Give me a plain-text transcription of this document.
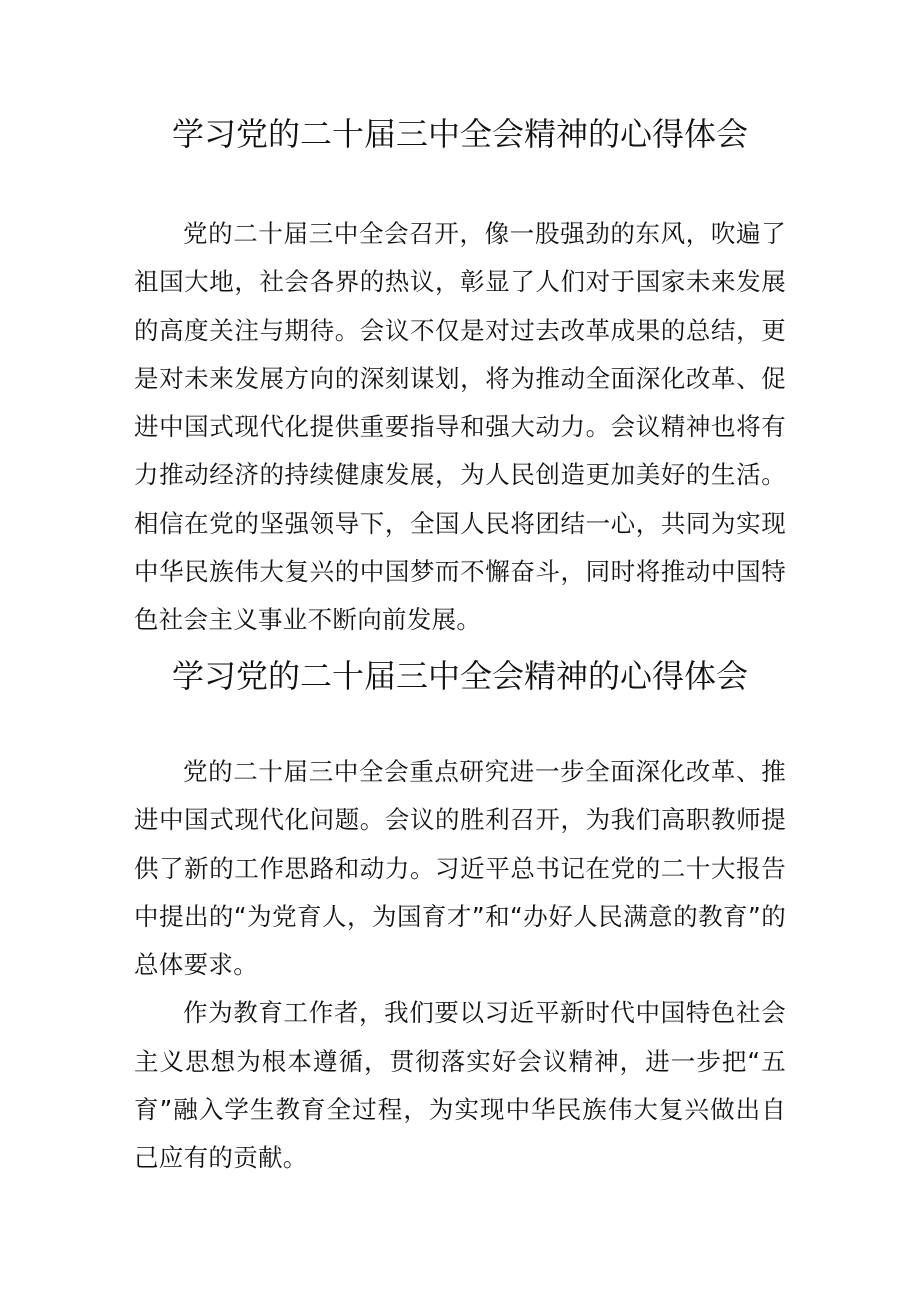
学习党的二十届三中全会精神的心得体会

党的二十届三中全会召开，像一股强劲的东风，吹遍了祖国大地，社会各界的热议，彰显了人们对于国家未来发展的高度关注与期待。会议不仅是对过去改革成果的总结，更是对未来发展方向的深刻谋划，将为推动全面深化改革、促进中国式现代化提供重要指导和强大动力。会议精神也将有力推动经济的持续健康发展，为人民创造更加美好的生活。相信在党的坚强领导下，全国人民将团结一心，共同为实现中华民族伟大复兴的中国梦而不懈奋斗，同时将推动中国特色社会主义事业不断向前发展。

学习党的二十届三中全会精神的心得体会

党的二十届三中全会重点研究进一步全面深化改革、推进中国式现代化问题。会议的胜利召开，为我们高职教师提供了新的工作思路和动力。习近平总书记在党的二十大报告中提出的“为党育人，为国育才”和“办好人民满意的教育”的总体要求。

作为教育工作者，我们要以习近平新时代中国特色社会主义思想为根本遵循，贯彻落实好会议精神，进一步把“五育”融入学生教育全过程，为实现中华民族伟大复兴做出自己应有的贡献。
